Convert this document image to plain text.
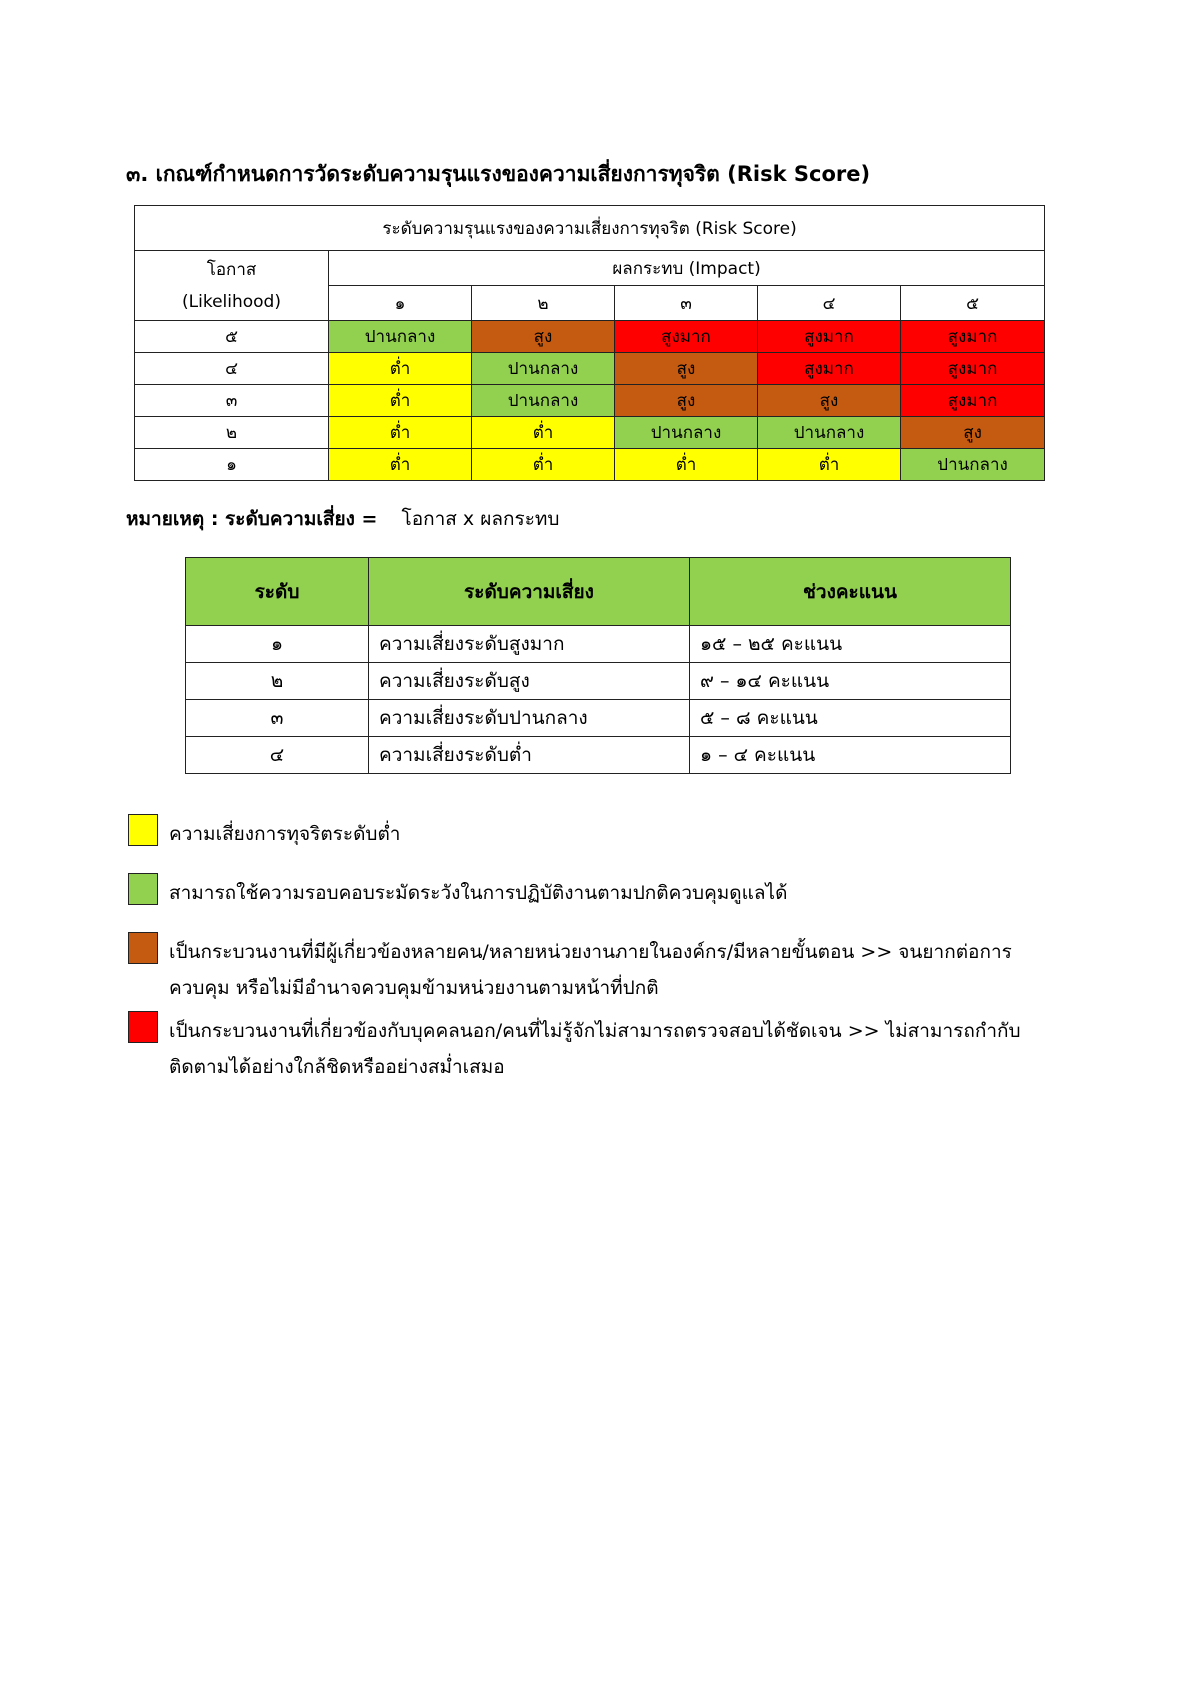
๓. เกณฑ์กำหนดการวัดระดับความรุนแรงของความเสี่ยงการทุจริต (Risk Score)
ระดับความรุนแรงของความเสี่ยงการทุจริต (Risk Score)					

โอกาส
(Likelihood)	ผลกระทบ (Impact)				
	๑	๒	๓	๔	๕
๕	ปานกลาง	สูง	สูงมาก	สูงมาก	สูงมาก
๔	ต่ำ	ปานกลาง	สูง	สูงมาก	สูงมาก
๓	ต่ำ	ปานกลาง	สูง	สูง	สูงมาก
๒	ต่ำ	ต่ำ	ปานกลาง	ปานกลาง	สูง
๑	ต่ำ	ต่ำ	ต่ำ	ต่ำ	ปานกลาง
หมายเหตุ : ระดับความเสี่ยง = โอกาส x ผลกระทบ
ระดับ	ระดับความเสี่ยง	ช่วงคะแนน
๑	ความเสี่ยงระดับสูงมาก	๑๕ – ๒๕ คะแนน
๒	ความเสี่ยงระดับสูง	๙ – ๑๔ คะแนน
๓	ความเสี่ยงระดับปานกลาง	๕ – ๘ คะแนน
๔	ความเสี่ยงระดับต่ำ	๑ – ๔ คะแนน
ความเสี่ยงการทุจริตระดับต่ำ
สามารถใช้ความรอบคอบระมัดระวังในการปฏิบัติงานตามปกติควบคุมดูแลได้
เป็นกระบวนงานที่มีผู้เกี่ยวข้องหลายคน/หลายหน่วยงานภายในองค์กร/มีหลายขั้นตอน >> จนยากต่อการ
ควบคุม หรือไม่มีอำนาจควบคุมข้ามหน่วยงานตามหน้าที่ปกติ
เป็นกระบวนงานที่เกี่ยวข้องกับบุคคลนอก/คนที่ไม่รู้จักไม่สามารถตรวจสอบได้ชัดเจน >> ไม่สามารถกำกับ
ติดตามได้อย่างใกล้ชิดหรืออย่างสม่ำเสมอ
